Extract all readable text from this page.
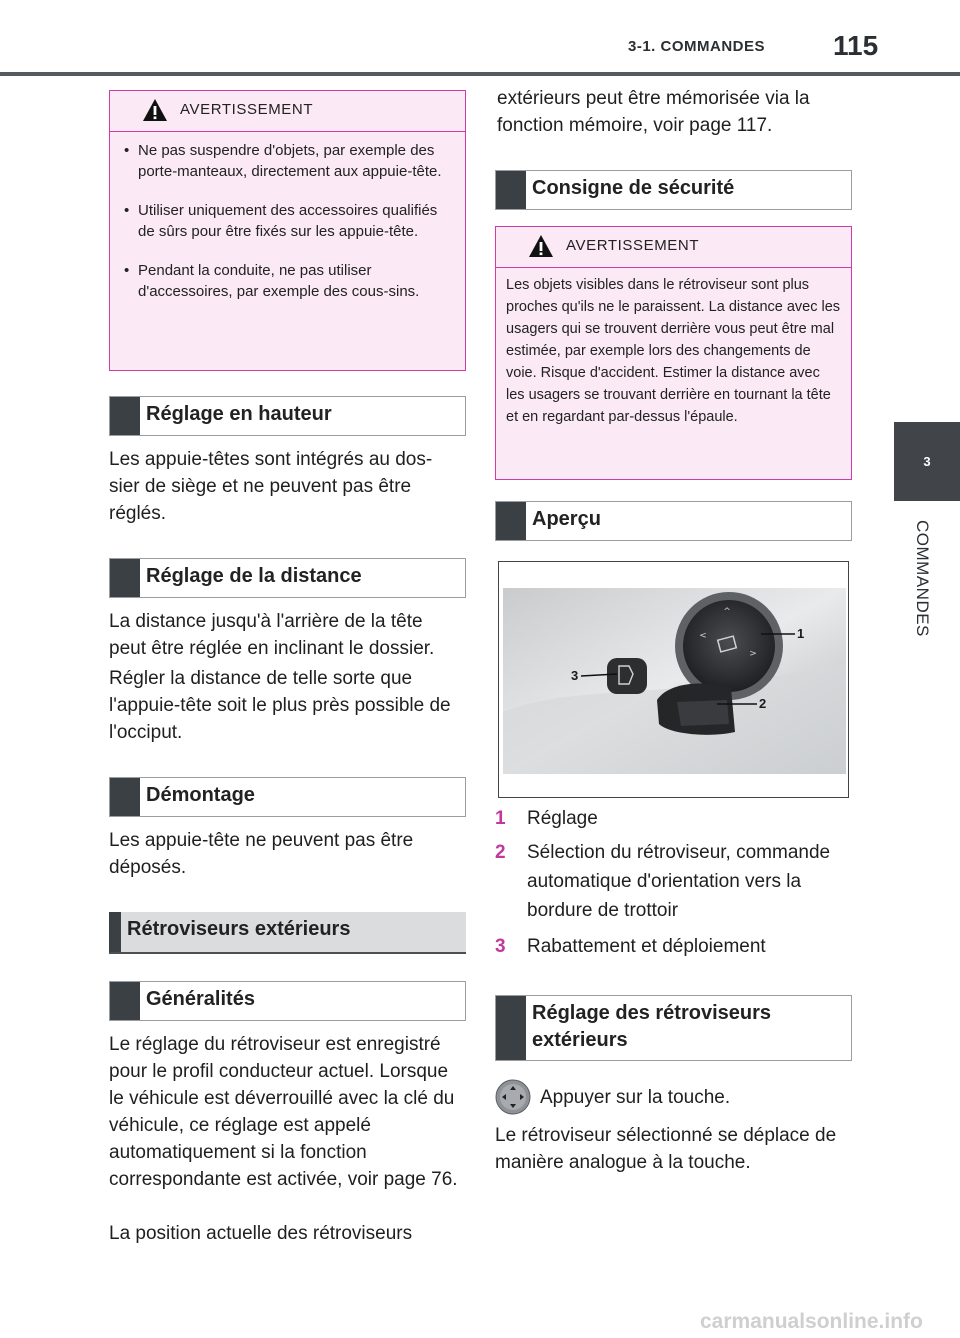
3-1. COMMANDES 115
3
COMMANDES
AVERTISSEMENT
• Ne pas suspendre d'objets, par exemple des porte-manteaux, directement aux appuie-tête.
• Utiliser uniquement des accessoires qualifiés de sûrs pour être fixés sur les appuie-tête.
• Pendant la conduite, ne pas utiliser d'accessoires, par exemple des cous-sins.
Réglage en hauteur

Les appuie-têtes sont intégrés au dos-sier de siège et ne peuvent pas être réglés.

Réglage de la distance

La distance jusqu'à l'arrière de la tête peut être réglée en inclinant le dossier.

Régler la distance de telle sorte que l'appuie-tête soit le plus près possible de l'occiput.

Démontage

Les appuie-tête ne peuvent pas être déposés.

Rétroviseurs extérieurs
Généralités

Le réglage du rétroviseur est enregistré pour le profil conducteur actuel. Lorsque le véhicule est déverrouillé avec la clé du véhicule, ce réglage est appelé automatiquement si la fonction correspondante est activée, voir page 76.

La position actuelle des rétroviseurs

extérieurs peut être mémorisée via la fonction mémoire, voir page 117.

Consigne de sécurité
AVERTISSEMENT
Les objets visibles dans le rétroviseur sont plus proches qu'ils ne le paraissent. La distance avec les usagers qui se trouvent derrière vous peut être mal estimée, par exemple lors des changements de voie. Risque d'accident. Estimer la distance avec les usagers se trouvant derrière en tournant la tête et en regardant par-dessus l'épaule.
Aperçu
^
<
>
1
2
3
1 Réglage
2 Sélection du rétroviseur, commande automatique d'orientation vers la bordure de trottoir
3 Rabattement et déploiement
Réglage des rétroviseurs extérieurs

Appuyer sur la touche.

Le rétroviseur sélectionné se déplace de manière analogue à la touche.

carmanualsonline.info
